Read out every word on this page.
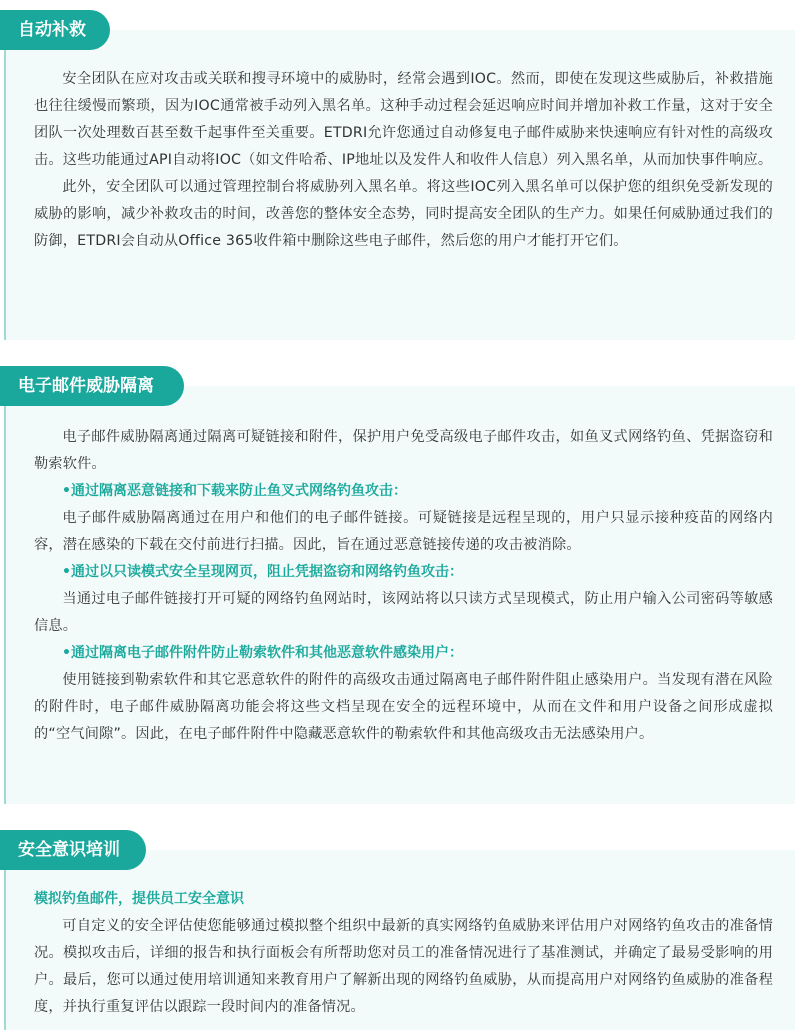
自动补救

安全团队在应对攻击或关联和搜寻环境中的威胁时，经常会遇到IOC。然而，即使在发现这些威胁后，补救措施也往往缓慢而繁琐，因为IOC通常被手动列入黑名单。这种手动过程会延迟响应时间并增加补救工作量，这对于安全团队一次处理数百甚至数千起事件至关重要。ETDRI允许您通过自动修复电子邮件威胁来快速响应有针对性的高级攻击。这些功能通过API自动将IOC（如文件哈希、IP地址以及发件人和收件人信息）列入黑名单，从而加快事件响应。

此外，安全团队可以通过管理控制台将威胁列入黑名单。将这些IOC列入黑名单可以保护您的组织免受新发现的威胁的影响，减少补救攻击的时间，改善您的整体安全态势，同时提高安全团队的生产力。如果任何威胁通过我们的防御，ETDRI会自动从Office 365收件箱中删除这些电子邮件，然后您的用户才能打开它们。

电子邮件威胁隔离

电子邮件威胁隔离通过隔离可疑链接和附件，保护用户免受高级电子邮件攻击，如鱼叉式网络钓鱼、凭据盗窃和勒索软件。

•通过隔离恶意链接和下载来防止鱼叉式网络钓鱼攻击：

电子邮件威胁隔离通过在用户和他们的电子邮件链接。可疑链接是远程呈现的，用户只显示接种疫苗的网络内容，潜在感染的下载在交付前进行扫描。因此，旨在通过恶意链接传递的攻击被消除。

•通过以只读模式安全呈现网页，阻止凭据盗窃和网络钓鱼攻击：

当通过电子邮件链接打开可疑的网络钓鱼网站时，该网站将以只读方式呈现模式，防止用户输入公司密码等敏感信息。

•通过隔离电子邮件附件防止勒索软件和其他恶意软件感染用户：

使用链接到勒索软件和其它恶意软件的附件的高级攻击通过隔离电子邮件附件阻止感染用户。当发现有潜在风险的附件时，电子邮件威胁隔离功能会将这些文档呈现在安全的远程环境中，从而在文件和用户设备之间形成虚拟的“空气间隙”。因此，在电子邮件附件中隐藏恶意软件的勒索软件和其他高级攻击无法感染用户。

安全意识培训
模拟钓鱼邮件，提供员工安全意识

可自定义的安全评估使您能够通过模拟整个组织中最新的真实网络钓鱼威胁来评估用户对网络钓鱼攻击的准备情况。模拟攻击后，详细的报告和执行面板会有所帮助您对员工的准备情况进行了基准测试，并确定了最易受影响的用户。最后，您可以通过使用培训通知来教育用户了解新出现的网络钓鱼威胁，从而提高用户对网络钓鱼威胁的准备程度，并执行重复评估以跟踪一段时间内的准备情况。
